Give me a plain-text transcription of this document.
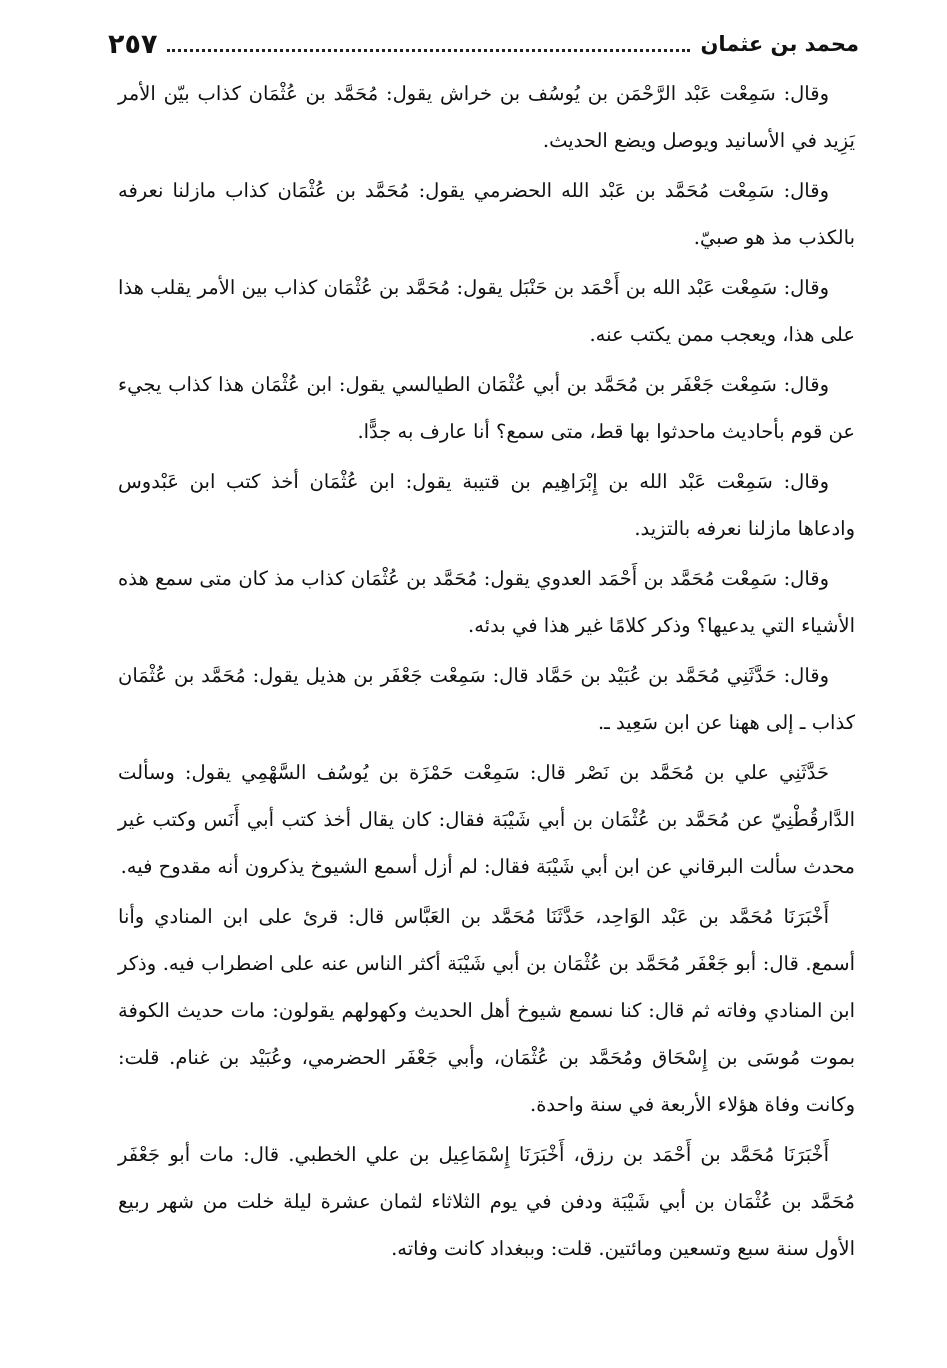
محمد بن عثمان
٢٥٧

وقال: سَمِعْت عَبْد الرَّحْمَن بن يُوسُف بن خراش يقول: مُحَمَّد بن عُثْمَان كذاب بيّن الأمر يَزِيد في الأسانيد ويوصل ويضع الحديث.

وقال: سَمِعْت مُحَمَّد بن عَبْد الله الحضرمي يقول: مُحَمَّد بن عُثْمَان كذاب مازلنا نعرفه بالكذب مذ هو صبيّ.

وقال: سَمِعْت عَبْد الله بن أَحْمَد بن حَنْبَل يقول: مُحَمَّد بن عُثْمَان كذاب بين الأمر يقلب هذا على هذا، ويعجب ممن يكتب عنه.

وقال: سَمِعْت جَعْفَر بن مُحَمَّد بن أبي عُثْمَان الطيالسي يقول: ابن عُثْمَان هذا كذاب يجيء عن قوم بأحاديث ماحدثوا بها قط، متى سمع؟ أنا عارف به جدًّا.

وقال: سَمِعْت عَبْد الله بن إِبْرَاهِيم بن قتيبة يقول: ابن عُثْمَان أخذ كتب ابن عَبْدوس وادعاها مازلنا نعرفه بالتزيد.

وقال: سَمِعْت مُحَمَّد بن أَحْمَد العدوي يقول: مُحَمَّد بن عُثْمَان كذاب مذ كان متى سمع هذه الأشياء التي يدعيها؟ وذكر كلامًا غير هذا في بدئه.

وقال: حَدَّثَنِي مُحَمَّد بن عُبَيْد بن حَمَّاد قال: سَمِعْت جَعْفَر بن هذيل يقول: مُحَمَّد بن عُثْمَان كذاب ـ إلى ههنا عن ابن سَعِيد ـ.

حَدَّثَنِي علي بن مُحَمَّد بن نَصْر قال: سَمِعْت حَمْزَة بن يُوسُف السَّهْمِي يقول: وسألت الدَّارقُطْنِيّ عن مُحَمَّد بن عُثْمَان بن أبي شَيْبَة فقال: كان يقال أخذ كتب أبي أَنَس وكتب غير محدث سألت البرقاني عن ابن أبي شَيْبَة فقال: لم أزل أسمع الشيوخ يذكرون أنه مقدوح فيه.

أَخْبَرَنَا مُحَمَّد بن عَبْد الوَاحِد، حَدَّثَنَا مُحَمَّد بن العَبَّاس قال: قرئ على ابن المنادي وأنا أسمع. قال: أبو جَعْفَر مُحَمَّد بن عُثْمَان بن أبي شَيْبَة أكثر الناس عنه على اضطراب فيه. وذكر ابن المنادي وفاته ثم قال: كنا نسمع شيوخ أهل الحديث وكهولهم يقولون: مات حديث الكوفة بموت مُوسَى بن إِسْحَاق ومُحَمَّد بن عُثْمَان، وأبي جَعْفَر الحضرمي، وعُبَيْد بن غنام. قلت: وكانت وفاة هؤلاء الأربعة في سنة واحدة.

أَخْبَرَنَا مُحَمَّد بن أَحْمَد بن رزق، أَخْبَرَنَا إِسْمَاعِيل بن علي الخطبي. قال: مات أبو جَعْفَر مُحَمَّد بن عُثْمَان بن أبي شَيْبَة ودفن في يوم الثلاثاء لثمان عشرة ليلة خلت من شهر ربيع الأول سنة سبع وتسعين ومائتين. قلت: وببغداد كانت وفاته.
